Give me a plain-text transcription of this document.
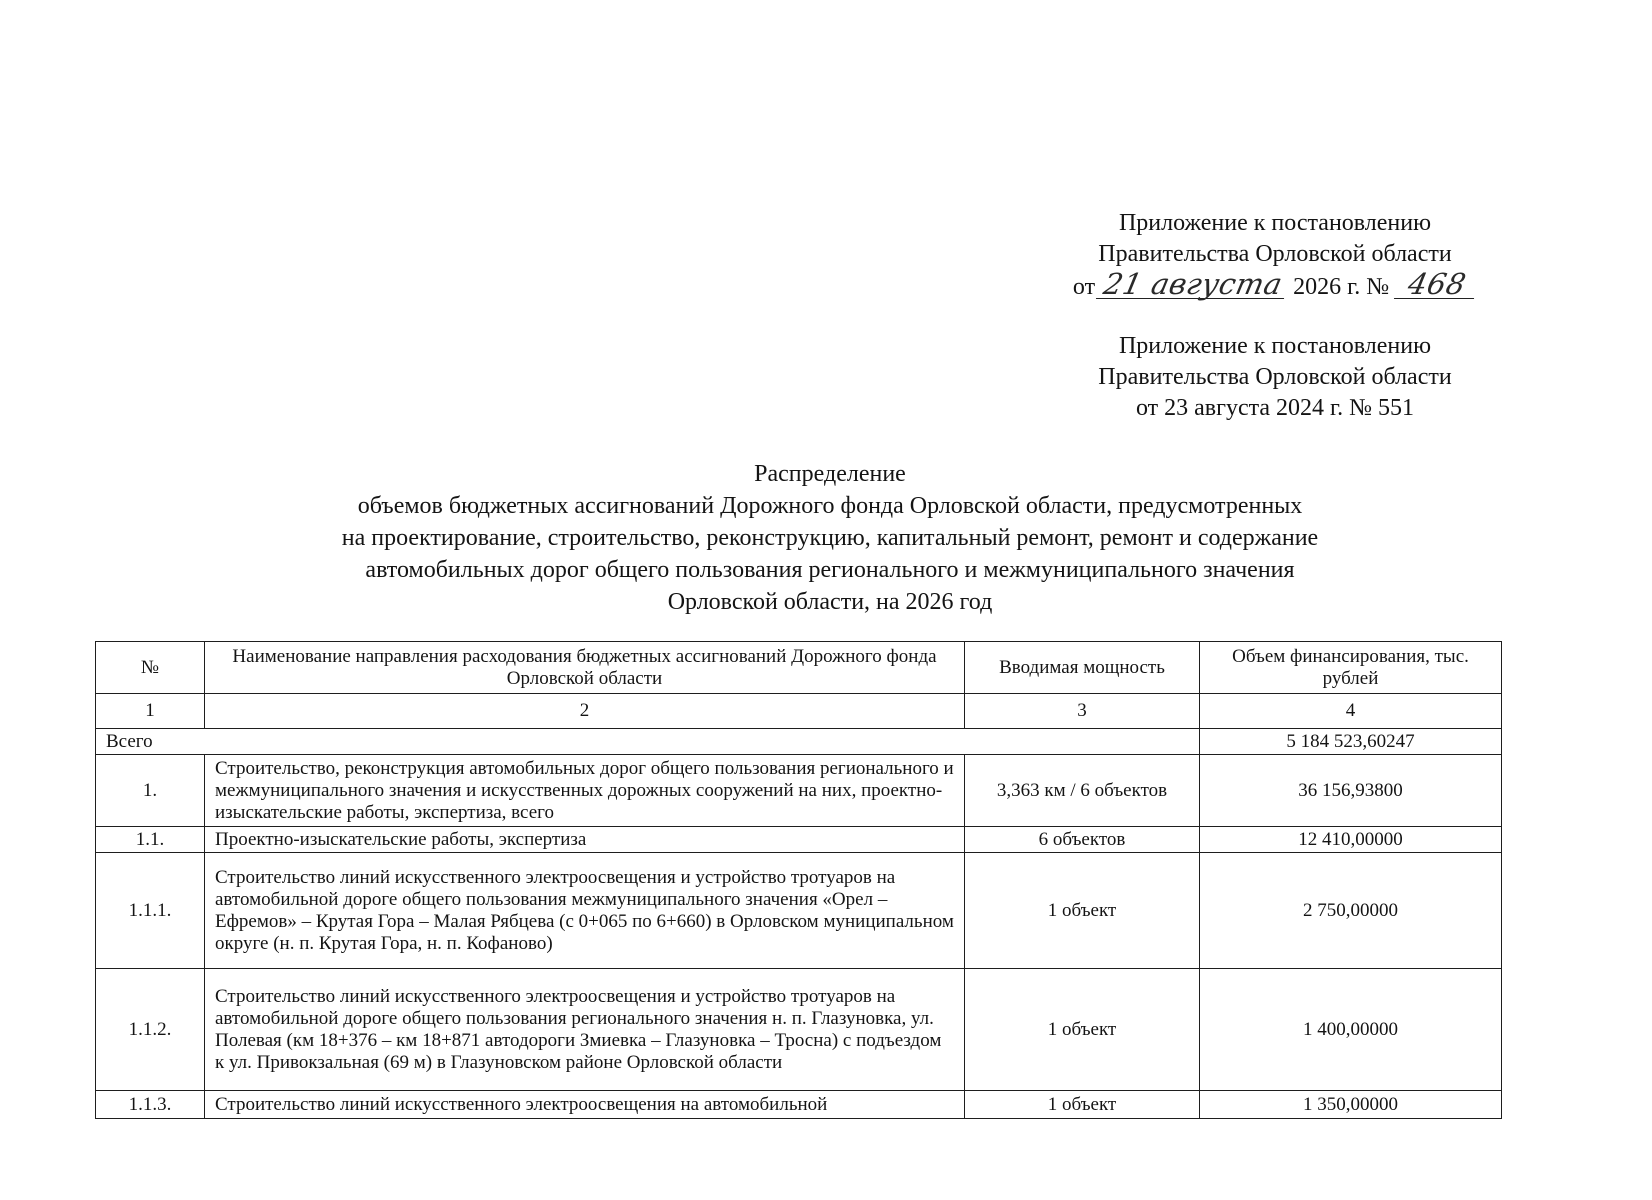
Приложение к постановлению
Правительства Орловской области
от 21 августа 2026 г. № 468
Приложение к постановлению
Правительства Орловской области
от 23 августа 2024 г. № 551
Распределение
объемов бюджетных ассигнований Дорожного фонда Орловской области, предусмотренных
на проектирование, строительство, реконструкцию, капитальный ремонт, ремонт и содержание
автомобильных дорог общего пользования регионального и межмуниципального значения
Орловской области, на 2026 год
№	Наименование направления расходования бюджетных ассигнований Дорожного фонда Орловской области	Вводимая мощность	Объем финансирования, тыс. рублей
1	2	3	4
Всего			5 184 523,60247
1.	Строительство, реконструкция автомобильных дорог общего пользования регионального и межмуниципального значения и искусственных дорожных сооружений на них, проектно-изыскательские работы, экспертиза, всего	3,363 км / 6 объектов	36 156,93800
1.1.	Проектно-изыскательские работы, экспертиза	6 объектов	12 410,00000
1.1.1.	Строительство линий искусственного электроосвещения и устройство тротуаров на автомобильной дороге общего пользования межмуниципального значения «Орел – Ефремов» – Крутая Гора – Малая Рябцева (с 0+065 по 6+660) в Орловском муниципальном округе (н. п. Крутая Гора, н. п. Кофаново)	1 объект	2 750,00000
1.1.2.	Строительство линий искусственного электроосвещения и устройство тротуаров на автомобильной дороге общего пользования регионального значения н. п. Глазуновка, ул. Полевая (км 18+376 – км 18+871 автодороги Змиевка – Глазуновка – Тросна) с подъездом к ул. Привокзальная (69 м) в Глазуновском районе Орловской области	1 объект	1 400,00000
1.1.3.	Строительство линий искусственного электроосвещения на автомобильной	1 объект	1 350,00000
